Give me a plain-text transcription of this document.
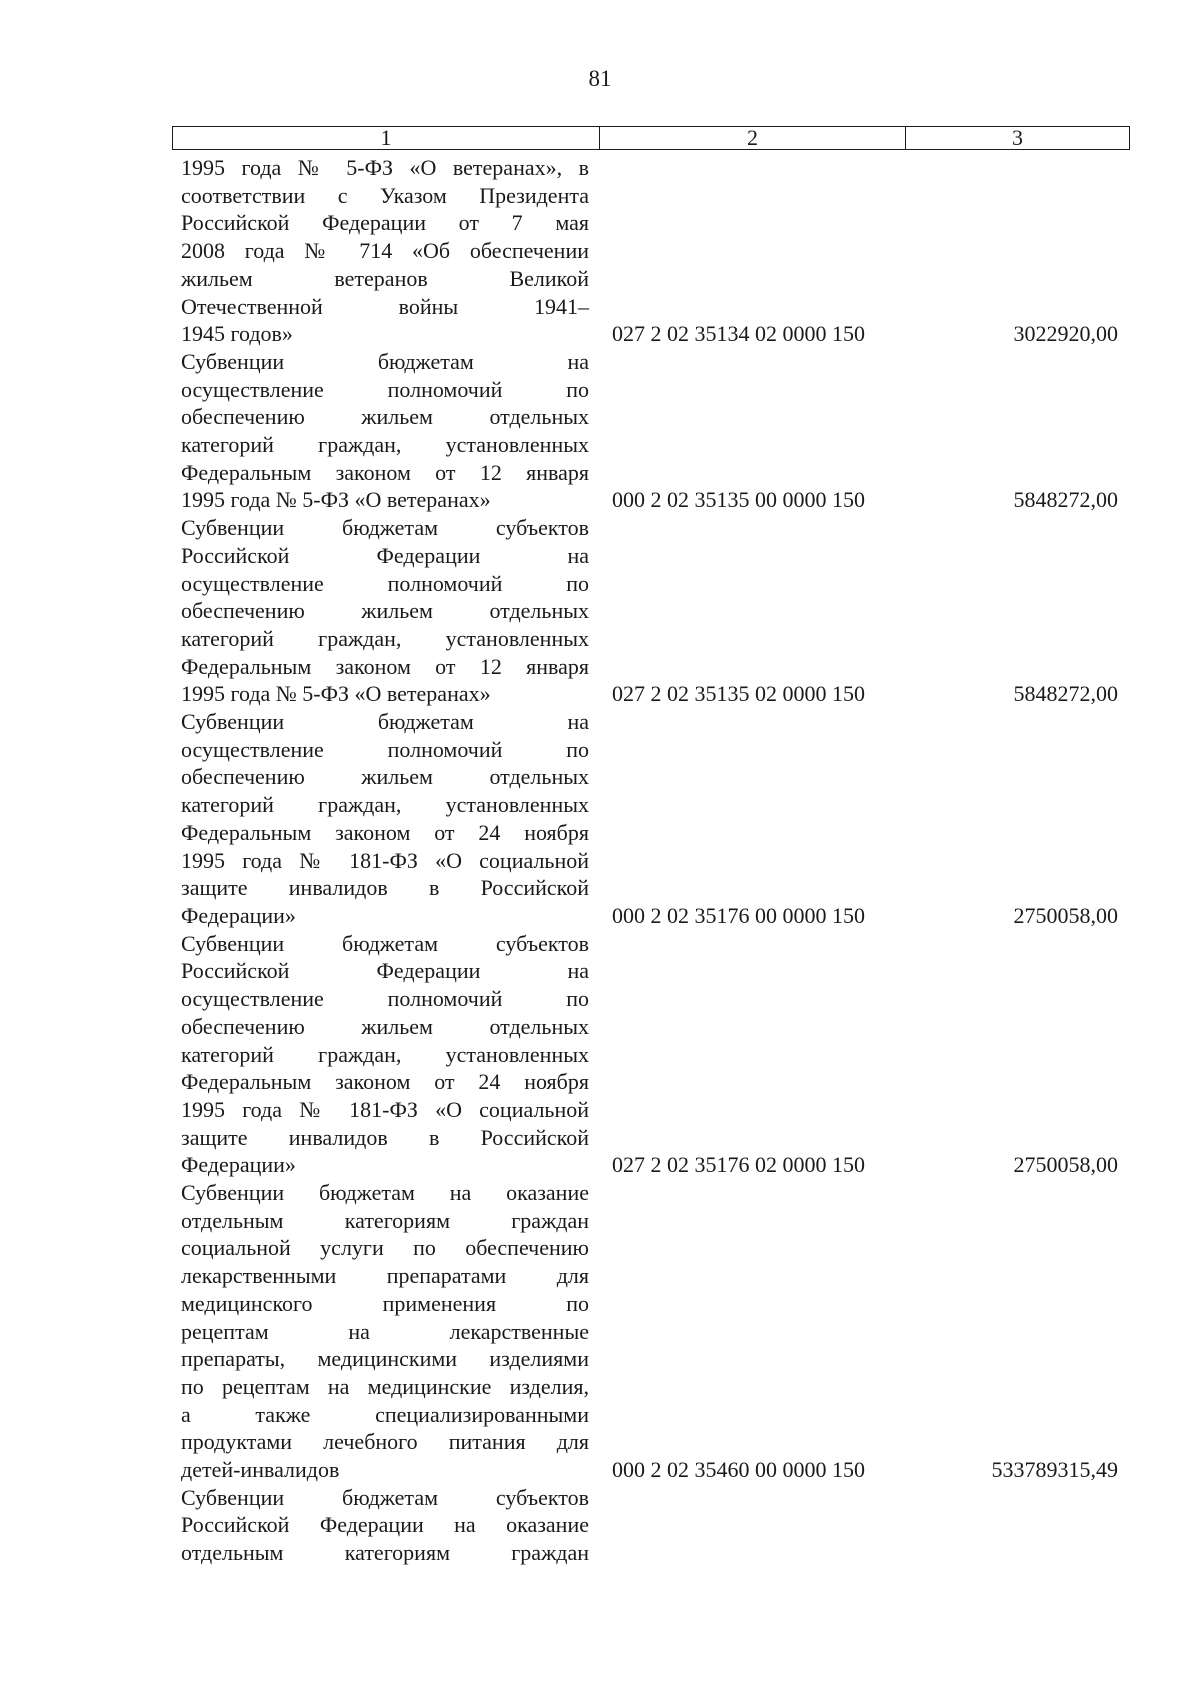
81
1	2	3
1995 года № 5-ФЗ «О ветеранах», в
соответствии с Указом Президента
Российской Федерации от 7 мая
2008 года № 714 «Об обеспечении
жильем ветеранов Великой
Отечественной войны 1941–
1945 годов»	027 2 02 35134 02 0000 150	3022920,00
Субвенции бюджетам на
осуществление полномочий по
обеспечению жильем отдельных
категорий граждан, установленных
Федеральным законом от 12 января
1995 года № 5-ФЗ «О ветеранах»	000 2 02 35135 00 0000 150	5848272,00
Субвенции бюджетам субъектов
Российской Федерации на
осуществление полномочий по
обеспечению жильем отдельных
категорий граждан, установленных
Федеральным законом от 12 января
1995 года № 5-ФЗ «О ветеранах»	027 2 02 35135 02 0000 150	5848272,00
Субвенции бюджетам на
осуществление полномочий по
обеспечению жильем отдельных
категорий граждан, установленных
Федеральным законом от 24 ноября
1995 года № 181-ФЗ «О социальной
защите инвалидов в Российской
Федерации»	000 2 02 35176 00 0000 150	2750058,00
Субвенции бюджетам субъектов
Российской Федерации на
осуществление полномочий по
обеспечению жильем отдельных
категорий граждан, установленных
Федеральным законом от 24 ноября
1995 года № 181-ФЗ «О социальной
защите инвалидов в Российской
Федерации»	027 2 02 35176 02 0000 150	2750058,00
Субвенции бюджетам на оказание
отдельным категориям граждан
социальной услуги по обеспечению
лекарственными препаратами для
медицинского применения по
рецептам на лекарственные
препараты, медицинскими изделиями
по рецептам на медицинские изделия,
а также специализированными
продуктами лечебного питания для
детей-инвалидов	000 2 02 35460 00 0000 150	533789315,49
Субвенции бюджетам субъектов
Российской Федерации на оказание
отдельным категориям граждан
